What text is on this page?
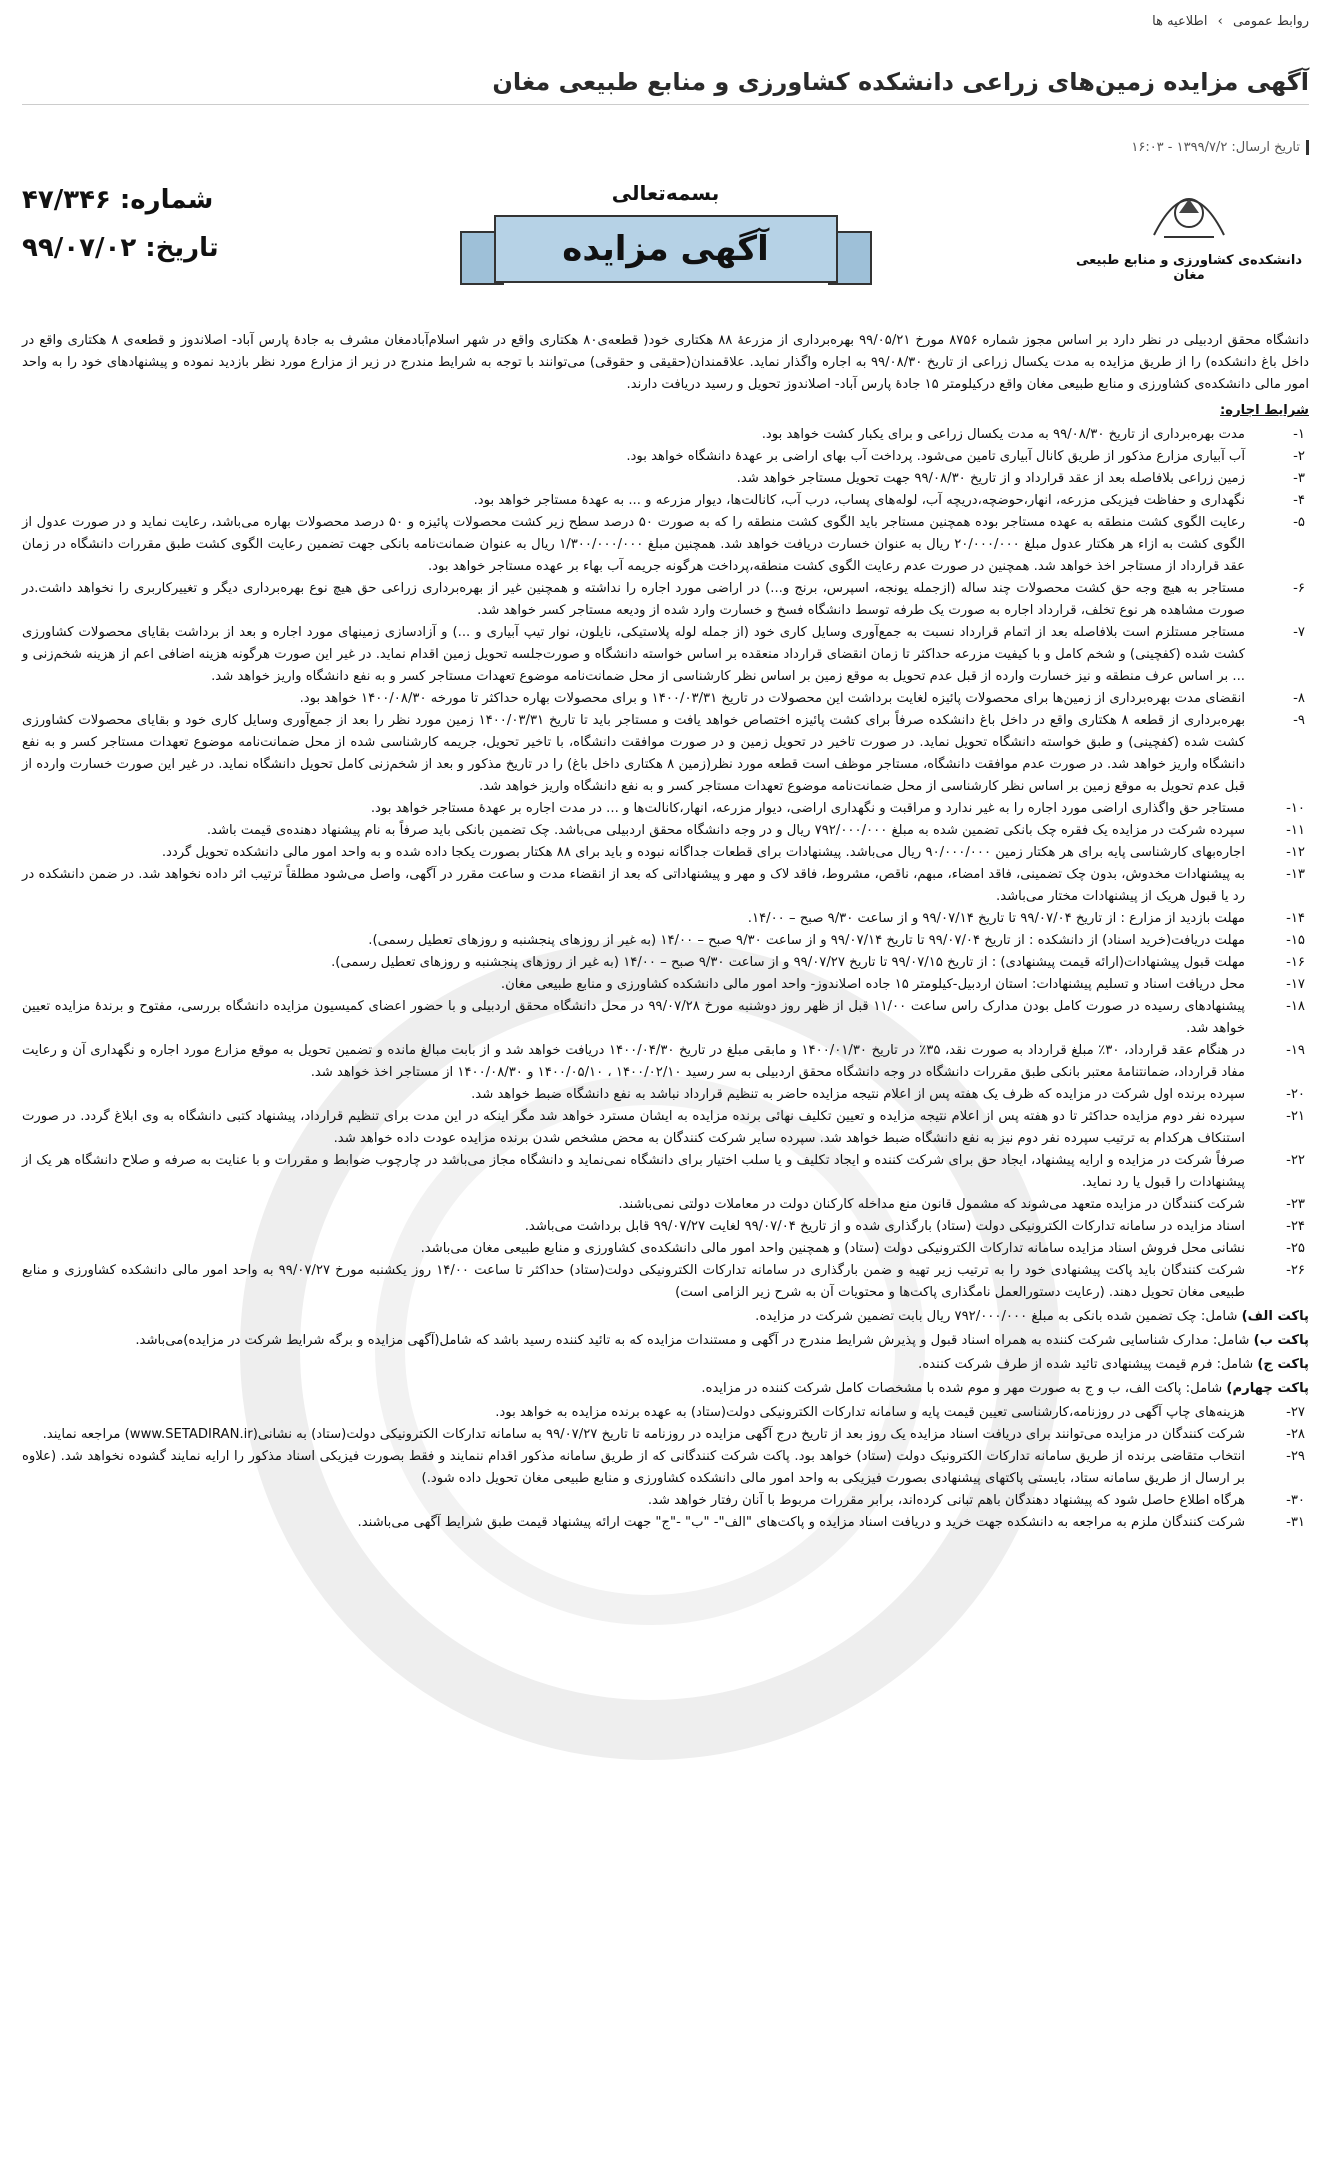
روابط عمومی › اطلاعیه ها
آگهی مزایده زمین‌های زراعی دانشکده کشاورزی و منابع طبیعی مغان
تاریخ ارسال: ۱۳۹۹/۷/۲ - ۱۶:۰۳
دانشکده‌ی کشاورزی و منابع طبیعی مغان
بسمه‌تعالی
آگهی مزایده
شماره: ۴۷/۳۴۶
تاریخ: ۹۹/۰۷/۰۲

دانشگاه محقق اردبیلی در نظر دارد بر اساس مجوز شماره ۸۷۵۶ مورخ ۹۹/۰۵/۲۱ بهره‌برداری از مزرعهٔ ۸۸ هکتاری خود( قطعه‌ی۸۰ هکتاری واقع در شهر اسلام‌آبادمغان مشرف به جادهٔ پارس آباد- اصلاندوز و قطعه‌ی ۸ هکتاری واقع در داخل باغ دانشکده) را از طریق مزایده به مدت یکسال زراعی از تاریخ ۹۹/۰۸/۳۰ به اجاره واگذار نماید. علاقمندان(حقیقی و حقوقی) می‌توانند با توجه به شرایط مندرج در زیر از مزارع مورد نظر بازدید نموده و پیشنهادهای خود را به واحد امور مالی دانشکده‌ی کشاورزی و منابع طبیعی مغان واقع درکیلومتر ۱۵ جادهٔ پارس آباد- اصلاندوز تحویل و رسید دریافت دارند.

شرایط اجاره:
۱-
مدت بهره‌برداری از تاریخ ۹۹/۰۸/۳۰ به مدت یکسال زراعی و برای یکبار کشت خواهد بود.
۲-
آب آبیاری مزارع مذکور از طریق کانال آبیاری تامین می‌شود. پرداخت آب بهای اراضی بر عهدهٔ دانشگاه خواهد بود.
۳-
زمین زراعی بلافاصله بعد از عقد قرارداد و از تاریخ ۹۹/۰۸/۳۰ جهت تحویل مستاجر خواهد شد.
۴-
نگهداری و حفاظت فیزیکی مزرعه، انهار،حوضچه،دریچه آب، لوله‌های پساب، درب آب، کانالت‌ها، دیوار مزرعه و ... به عهدهٔ مستاجر خواهد بود.
۵-
رعایت الگوی کشت منطقه به عهده مستاجر بوده همچنین مستاجر باید الگوی کشت منطقه را که به صورت ۵۰ درصد سطح زیر کشت محصولات پائیزه و ۵۰ درصد محصولات بهاره می‌باشد، رعایت نماید و در صورت عدول از الگوی کشت به ازاء هر هکتار عدول مبلغ ۲۰/۰۰۰/۰۰۰ ریال به عنوان خسارت دریافت خواهد شد. همچنین مبلغ ۱/۳۰۰/۰۰۰/۰۰۰ ریال به عنوان ضمانت‌نامه بانکی جهت تضمین رعایت الگوی کشت طبق مقررات دانشگاه در زمان عقد قرارداد از مستاجر اخذ خواهد شد. همچنین در صورت عدم رعایت الگوی کشت منطقه،پرداخت هرگونه جریمه آب بهاء بر عهده مستاجر خواهد بود.
۶-
مستاجر به هیچ وجه حق کشت محصولات چند ساله (ازجمله یونجه، اسپرس، برنج و...) در اراضی مورد اجاره را نداشته و همچنین غیر از بهره‌برداری زراعی حق هیچ نوع بهره‌برداری دیگر و تغییرکاربری را نخواهد داشت.در صورت مشاهده هر نوع تخلف، قرارداد اجاره به صورت یک طرفه توسط دانشگاه فسخ و خسارت وارد شده از ودیعه مستاجر کسر خواهد شد.
۷-
مستاجر مستلزم است بلافاصله بعد از اتمام قرارداد نسبت به جمع‌آوری وسایل کاری خود (از جمله لوله پلاستیکی، نایلون، نوار تیپ آبیاری و ...) و آزادسازی زمینهای مورد اجاره و بعد از برداشت بقایای محصولات کشاورزی کشت شده (کفچینی) و شخم کامل و با کیفیت مزرعه حداکثر تا زمان انقضای قرارداد منعقده بر اساس خواسته دانشگاه و صورت‌جلسه تحویل زمین اقدام نماید. در غیر این صورت هرگونه هزینه اضافی اعم از هزینه شخم‌زنی و ... بر اساس عرف منطقه و نیز خسارت وارده از قبل عدم تحویل به موقع زمین بر اساس نظر کارشناسی از محل ضمانت‌نامه موضوع تعهدات مستاجر کسر و به نفع دانشگاه واریز خواهد شد.
۸-
انقضای مدت بهره‌برداری از زمین‌ها برای محصولات پائیزه لغایت برداشت این محصولات در تاریخ ۱۴۰۰/۰۳/۳۱ و برای محصولات بهاره حداکثر تا مورخه ۱۴۰۰/۰۸/۳۰ خواهد بود.
۹-
بهره‌برداری از قطعه ۸ هکتاری واقع در داخل باغ دانشکده صرفاً برای کشت پائیزه اختصاص خواهد یافت و مستاجر باید تا تاریخ ۱۴۰۰/۰۳/۳۱ زمین مورد نظر را بعد از جمع‌آوری وسایل کاری خود و بقایای محصولات کشاورزی کشت شده (کفچینی) و طبق خواسته دانشگاه تحویل نماید. در صورت تاخیر در تحویل زمین و در صورت موافقت دانشگاه، با تاخیر تحویل، جریمه کارشناسی شده از محل ضمانت‌نامه موضوع تعهدات مستاجر کسر و به نفع دانشگاه واریز خواهد شد. در صورت عدم موافقت دانشگاه، مستاجر موظف است قطعه مورد نظر(زمین ۸ هکتاری داخل باغ) را در تاریخ مذکور و بعد از شخم‌زنی کامل تحویل دانشگاه نماید. در غیر این صورت خسارت وارده از قبل عدم تحویل به موقع زمین بر اساس نظر کارشناسی از محل ضمانت‌نامه موضوع تعهدات مستاجر کسر و به نفع دانشگاه واریز خواهد شد.
۱۰-
مستاجر حق واگذاری اراضی مورد اجاره را به غیر ندارد و مراقبت و نگهداری اراضی، دیوار مزرعه، انهار،کانالت‌ها و ... در مدت اجاره بر عهدهٔ مستاجر خواهد بود.
۱۱-
سپرده شرکت در مزایده یک فقره چک بانکی تضمین شده به مبلغ ۷۹۲/۰۰۰/۰۰۰ ریال و در وجه دانشگاه محقق اردبیلی می‌باشد. چک تضمین بانکی باید صرفاً به نام پیشنهاد دهنده‌ی قیمت باشد.
۱۲-
اجاره‌بهای کارشناسی پایه برای هر هکتار زمین ۹۰/۰۰۰/۰۰۰ ریال می‌باشد. پیشنهادات برای قطعات جداگانه نبوده و باید برای ۸۸ هکتار بصورت یکجا داده شده و به واحد امور مالی دانشکده تحویل گردد.
۱۳-
به پیشنهادات مخدوش، بدون چک تضمینی، فاقد امضاء، مبهم، ناقص، مشروط، فاقد لاک و مهر و پیشنهاداتی که بعد از انقضاء مدت و ساعت مقرر در آگهی، واصل می‌شود مطلقاً ترتیب اثر داده نخواهد شد. در ضمن دانشکده در رد یا قبول هریک از پیشنهادات مختار می‌باشد.
۱۴-
مهلت بازدید از مزارع : از تاریخ ۹۹/۰۷/۰۴ تا تاریخ ۹۹/۰۷/۱۴ و از ساعت ۹/۳۰ صبح – ۱۴/۰۰.
۱۵-
مهلت دریافت(خرید اسناد) از دانشکده : از تاریخ ۹۹/۰۷/۰۴ تا تاریخ ۹۹/۰۷/۱۴ و از ساعت ۹/۳۰ صبح – ۱۴/۰۰ (به غیر از روزهای پنجشنبه و روزهای تعطیل رسمی).
۱۶-
مهلت قبول پیشنهادات(ارائه قیمت پیشنهادی) : از تاریخ ۹۹/۰۷/۱۵ تا تاریخ ۹۹/۰۷/۲۷ و از ساعت ۹/۳۰ صبح – ۱۴/۰۰ (به غیر از روزهای پنجشنبه و روزهای تعطیل رسمی).
۱۷-
محل دریافت اسناد و تسلیم پیشنهادات: استان اردبیل-کیلومتر ۱۵ جاده اصلاندوز- واحد امور مالی دانشکده کشاورزی و منابع طبیعی مغان.
۱۸-
پیشنهادهای رسیده در صورت کامل بودن مدارک راس ساعت ۱۱/۰۰ قبل از ظهر روز دوشنبه مورخ ۹۹/۰۷/۲۸ در محل دانشگاه محقق اردبیلی و با حضور اعضای کمیسیون مزایده دانشگاه بررسی، مفتوح و برندهٔ مزایده تعیین خواهد شد.
۱۹-
در هنگام عقد قرارداد، ۳۰٪ مبلغ قرارداد به صورت نقد، ۳۵٪ در تاریخ ۱۴۰۰/۰۱/۳۰ و مابقی مبلغ در تاریخ ۱۴۰۰/۰۴/۳۰ دریافت خواهد شد و از بابت مبالغ مانده و تضمین تحویل به موقع مزارع مورد اجاره و نگهداری آن و رعایت مفاد قرارداد، ضمانتنامهٔ معتبر بانکی طبق مقررات دانشگاه در وجه دانشگاه محقق اردبیلی به سر رسید ۱۴۰۰/۰۲/۱۰ ، ۱۴۰۰/۰۵/۱۰ و ۱۴۰۰/۰۸/۳۰ از مستاجر اخذ خواهد شد.
۲۰-
سپرده برنده اول شرکت در مزایده که ظرف یک هفته پس از اعلام نتیجه مزایده حاضر به تنظیم قرارداد نباشد به نفع دانشگاه ضبط خواهد شد.
۲۱-
سپرده نفر دوم مزایده حداکثر تا دو هفته پس از اعلام نتیجه مزایده و تعیین تکلیف نهائی برنده مزایده به ایشان مسترد خواهد شد مگر اینکه در این مدت برای تنظیم قرارداد، پیشنهاد کتبی دانشگاه به وی ابلاغ گردد. در صورت استنکاف هرکدام به ترتیب سپرده نفر دوم نیز به نفع دانشگاه ضبط خواهد شد. سپرده سایر شرکت کنندگان به محض مشخص شدن برنده مزایده عودت داده خواهد شد.
۲۲-
صرفاً شرکت در مزایده و ارایه پیشنهاد، ایجاد حق برای شرکت کننده و ایجاد تکلیف و یا سلب اختیار برای دانشگاه نمی‌نماید و دانشگاه مجاز می‌باشد در چارچوب ضوابط و مقررات و با عنایت به صرفه و صلاح دانشگاه هر یک از پیشنهادات را قبول یا رد نماید.
۲۳-
شرکت کنندگان در مزایده متعهد می‌شوند که مشمول قانون منع مداخله کارکنان دولت در معاملات دولتی نمی‌باشند.
۲۴-
اسناد مزایده در سامانه تدارکات الکترونیکی دولت (ستاد) بارگذاری شده و از تاریخ ۹۹/۰۷/۰۴ لغایت ۹۹/۰۷/۲۷ قابل برداشت می‌باشد.
۲۵-
نشانی محل فروش اسناد مزایده سامانه تدارکات الکترونیکی دولت (ستاد) و همچنین واحد امور مالی دانشکده‌ی کشاورزی و منابع طبیعی مغان می‌باشد.
۲۶-
شرکت کنندگان باید پاکت پیشنهادی خود را به ترتیب زیر تهیه و ضمن بارگذاری در سامانه تدارکات الکترونیکی دولت(ستاد) حداکثر تا ساعت ۱۴/۰۰ روز یکشنبه مورخ ۹۹/۰۷/۲۷ به واحد امور مالی دانشکده کشاورزی و منابع طبیعی مغان تحویل دهند. (رعایت دستورالعمل نامگذاری پاکت‌ها و محتویات آن به شرح زیر الزامی است)
پاکت الف) شامل: چک تضمین شده بانکی به مبلغ ۷۹۲/۰۰۰/۰۰۰ ریال بابت تضمین شرکت در مزایده.
پاکت ب) شامل: مدارک شناسایی شرکت کننده به همراه اسناد قبول و پذیرش شرایط مندرج در آگهی و مستندات مزایده که به تائید کننده رسید باشد که شامل(آگهی مزایده و برگه شرایط شرکت در مزایده)می‌باشد.
پاکت ج) شامل: فرم قیمت پیشنهادی تائید شده از طرف شرکت کننده.
پاکت چهارم) شامل: پاکت الف، ب و ج به صورت مهر و موم شده با مشخصات کامل شرکت کننده در مزایده.
۲۷-
هزینه‌های چاپ آگهی در روزنامه،کارشناسی تعیین قیمت پایه و سامانه تدارکات الکترونیکی دولت(ستاد) به عهده برنده مزایده به خواهد بود.
۲۸-
شرکت کنندگان در مزایده می‌توانند برای دریافت اسناد مزایده یک روز بعد از تاریخ درج آگهی مزایده در روزنامه تا تاریخ ۹۹/۰۷/۲۷ به سامانه تدارکات الکترونیکی دولت(ستاد) به نشانی(www.SETADIRAN.ir) مراجعه نمایند.
۲۹-
انتخاب متقاضی برنده از طریق سامانه تدارکات الکترونیک دولت (ستاد) خواهد بود. پاکت شرکت کنندگانی که از طریق سامانه مذکور اقدام ننمایند و فقط بصورت فیزیکی اسناد مذکور را ارایه نمایند گشوده نخواهد شد. (علاوه بر ارسال از طریق سامانه ستاد، بایستی پاکتهای پیشنهادی بصورت فیزیکی به واحد امور مالی دانشکده کشاورزی و منابع طبیعی مغان تحویل داده شود.)
۳۰-
هرگاه اطلاع حاصل شود که پیشنهاد دهندگان باهم تبانی کرده‌اند، برابر مقررات مربوط با آنان رفتار خواهد شد.
۳۱-
شرکت کنندگان ملزم به مراجعه به دانشکده جهت خرید و دریافت اسناد مزایده و پاکت‌های "الف"- "ب" -"ج" جهت ارائه پیشنهاد قیمت طبق شرایط آگهی می‌باشند.
